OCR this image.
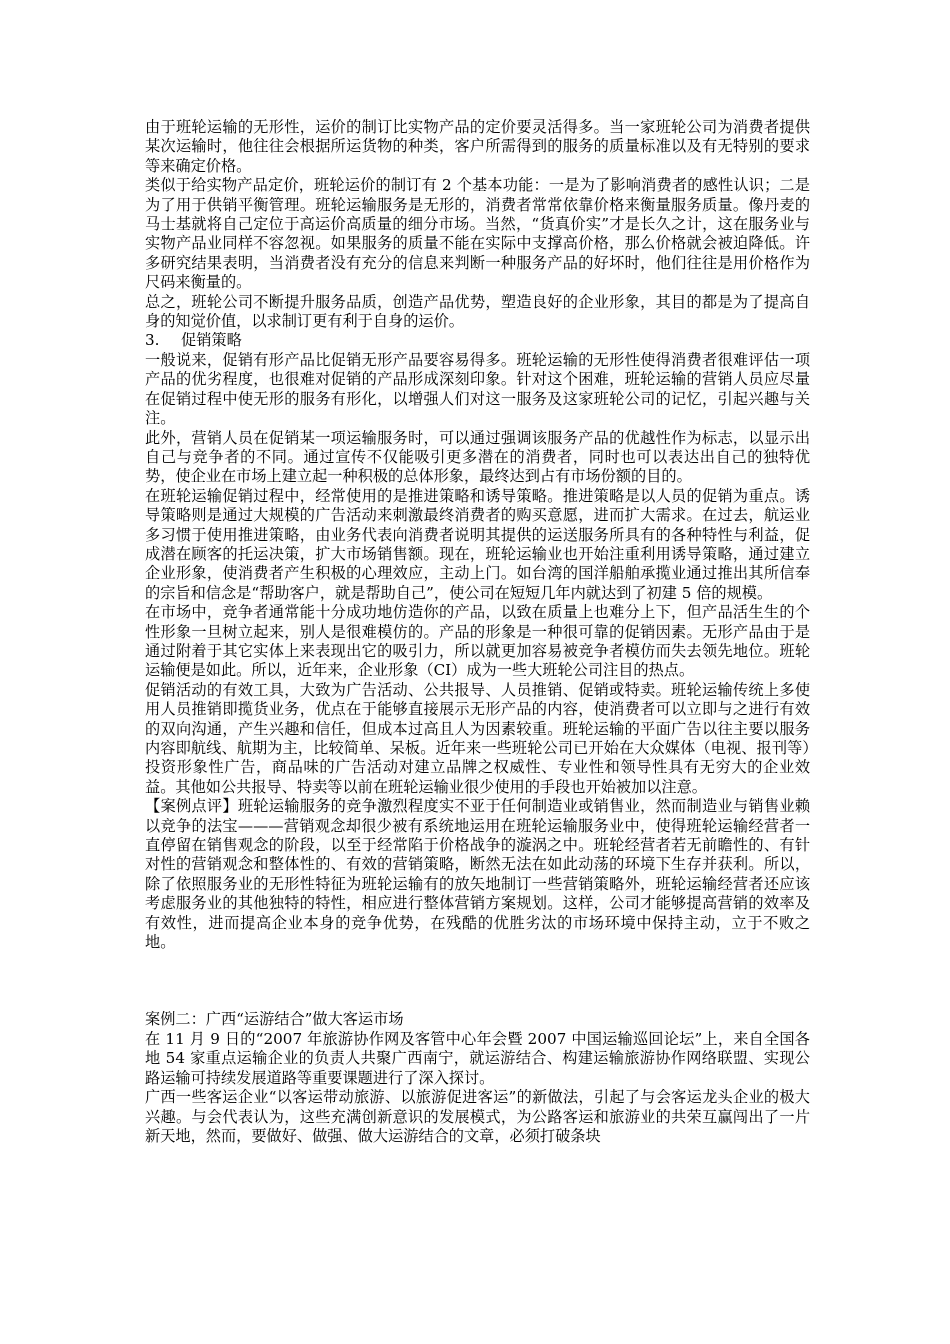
由于班轮运输的无形性，运价的制订比实物产品的定价要灵活得多。当一家班轮公司为消费者提供某次运输时，他往往会根据所运货物的种类，客户所需得到的服务的质量标准以及有无特别的要求等来确定价格。

类似于给实物产品定价，班轮运价的制订有 2 个基本功能：一是为了影响消费者的感性认识；二是为了用于供销平衡管理。班轮运输服务是无形的，消费者常常依靠价格来衡量服务质量。像丹麦的马士基就将自己定位于高运价高质量的细分市场。当然，“货真价实”才是长久之计，这在服务业与实物产品业同样不容忽视。如果服务的质量不能在实际中支撑高价格，那么价格就会被迫降低。许多研究结果表明，当消费者没有充分的信息来判断一种服务产品的好坏时，他们往往是用价格作为尺码来衡量的。

总之，班轮公司不断提升服务品质，创造产品优势，塑造良好的企业形象，其目的都是为了提高自身的知觉价值，以求制订更有利于自身的运价。

3. 促销策略

一般说来，促销有形产品比促销无形产品要容易得多。班轮运输的无形性使得消费者很难评估一项产品的优劣程度，也很难对促销的产品形成深刻印象。针对这个困难，班轮运输的营销人员应尽量在促销过程中使无形的服务有形化，以增强人们对这一服务及这家班轮公司的记忆，引起兴趣与关注。

此外，营销人员在促销某一项运输服务时，可以通过强调该服务产品的优越性作为标志，以显示出自己与竞争者的不同。通过宣传不仅能吸引更多潜在的消费者，同时也可以表达出自己的独特优势，使企业在市场上建立起一种积极的总体形象，最终达到占有市场份额的目的。

在班轮运输促销过程中，经常使用的是推进策略和诱导策略。推进策略是以人员的促销为重点。诱导策略则是通过大规模的广告活动来刺激最终消费者的购买意愿，进而扩大需求。在过去，航运业多习惯于使用推进策略，由业务代表向消费者说明其提供的运送服务所具有的各种特性与利益，促成潜在顾客的托运决策，扩大市场销售额。现在，班轮运输业也开始注重利用诱导策略，通过建立企业形象，使消费者产生积极的心理效应，主动上门。如台湾的国洋船舶承揽业通过推出其所信奉的宗旨和信念是“帮助客户，就是帮助自己”，使公司在短短几年内就达到了初建 5 倍的规模。

在市场中，竞争者通常能十分成功地仿造你的产品，以致在质量上也难分上下，但产品活生生的个性形象一旦树立起来，别人是很难模仿的。产品的形象是一种很可靠的促销因素。无形产品由于是通过附着于其它实体上来表现出它的吸引力，所以就更加容易被竞争者模仿而失去领先地位。班轮运输便是如此。所以，近年来，企业形象（CI）成为一些大班轮公司注目的热点。

促销活动的有效工具，大致为广告活动、公共报导、人员推销、促销或特卖。班轮运输传统上多使用人员推销即揽货业务，优点在于能够直接展示无形产品的内容，使消费者可以立即与之进行有效的双向沟通，产生兴趣和信任，但成本过高且人为因素较重。班轮运输的平面广告以往主要以服务内容即航线、航期为主，比较简单、呆板。近年来一些班轮公司已开始在大众媒体（电视、报刊等）投资形象性广告，商品味的广告活动对建立品牌之权威性、专业性和领导性具有无穷大的企业效益。其他如公共报导、特卖等以前在班轮运输业很少使用的手段也开始被加以注意。

【案例点评】班轮运输服务的竞争激烈程度实不亚于任何制造业或销售业，然而制造业与销售业赖以竞争的法宝———营销观念却很少被有系统地运用在班轮运输服务业中，使得班轮运输经营者一直停留在销售观念的阶段，以至于经常陷于价格战争的漩涡之中。班轮经营者若无前瞻性的、有针对性的营销观念和整体性的、有效的营销策略，断然无法在如此动荡的环境下生存并获利。所以，除了依照服务业的无形性特征为班轮运输有的放矢地制订一些营销策略外，班轮运输经营者还应该考虑服务业的其他独特的特性，相应进行整体营销方案规划。这样，公司才能够提高营销的效率及有效性，进而提高企业本身的竞争优势，在残酷的优胜劣汰的市场环境中保持主动，立于不败之地。

案例二：广西“运游结合”做大客运市场

在 11 月 9 日的“2007 年旅游协作网及客管中心年会暨 2007 中国运输巡回论坛”上，来自全国各地 54 家重点运输企业的负责人共聚广西南宁，就运游结合、构建运输旅游协作网络联盟、实现公路运输可持续发展道路等重要课题进行了深入探讨。

广西一些客运企业“以客运带动旅游、以旅游促进客运”的新做法，引起了与会客运龙头企业的极大兴趣。与会代表认为，这些充满创新意识的发展模式，为公路客运和旅游业的共荣互赢闯出了一片新天地，然而，要做好、做强、做大运游结合的文章，必须打破条块
